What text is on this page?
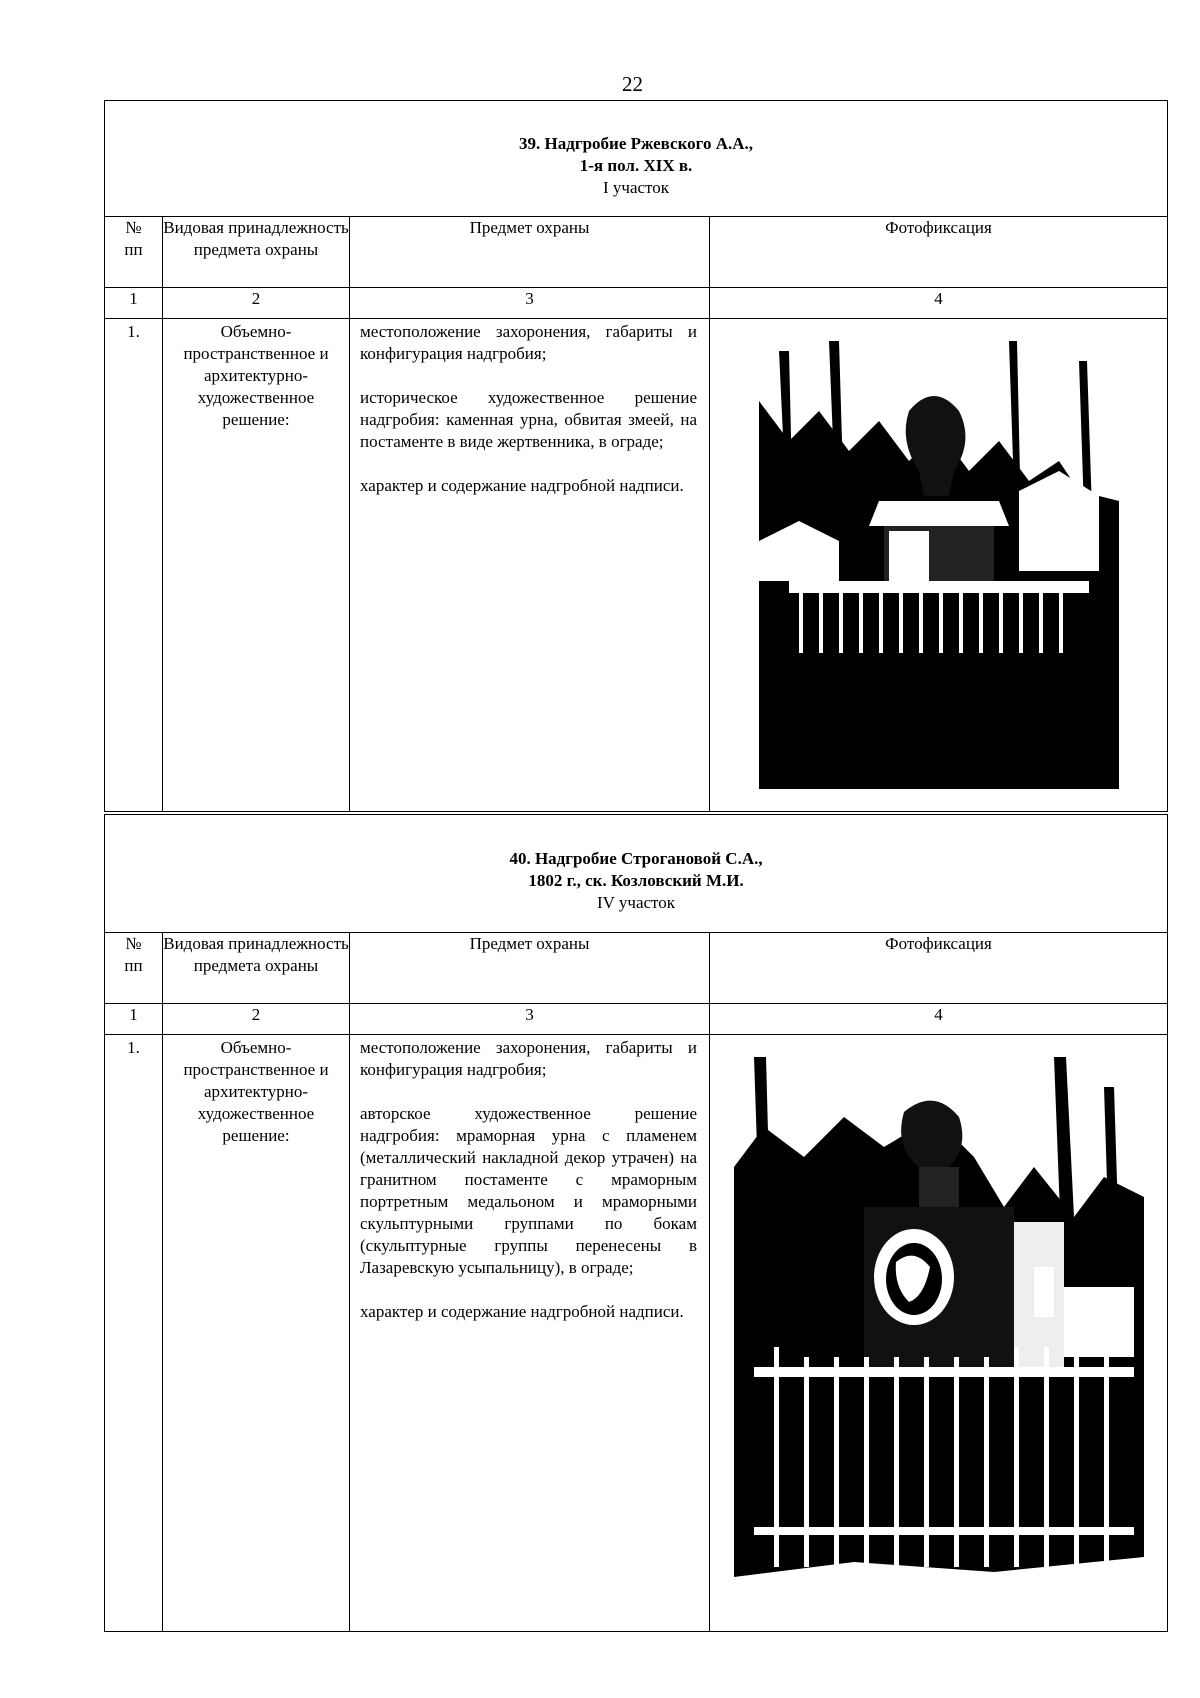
22
39. Надгробие Ржевского А.А.,
1-я пол. XIX в.
I участок			

№
пп	Видовая принадлежность предмета охраны	Предмет охраны	Фотофиксация
1	2	3	4
1.	Объемно-пространственное и архитектурно-художественное решение:	местоположение захоронения, габариты и конфигурация надгробия;

историческое художественное решение надгробия: каменная урна, обвитая змеей, на постаменте в виде жертвенника, в ограде;

характер и содержание надгробной надписи.

40. Надгробие Строгановой С.А.,
1802 г., ск. Козловский М.И.
IV участок			

№
пп	Видовая принадлежность предмета охраны	Предмет охраны	Фотофиксация
1	2	3	4
1.	Объемно-пространственное и архитектурно-художественное решение:	местоположение захоронения, габариты и конфигурация надгробия;

авторское художественное решение надгробия: мраморная урна с пламенем (металлический накладной декор утрачен) на гранитном постаменте с мраморным портретным медальоном и мраморными скульптурными группами по бокам (скульптурные группы перенесены в Лазаревскую усыпальницу), в ограде;

характер и содержание надгробной надписи.
